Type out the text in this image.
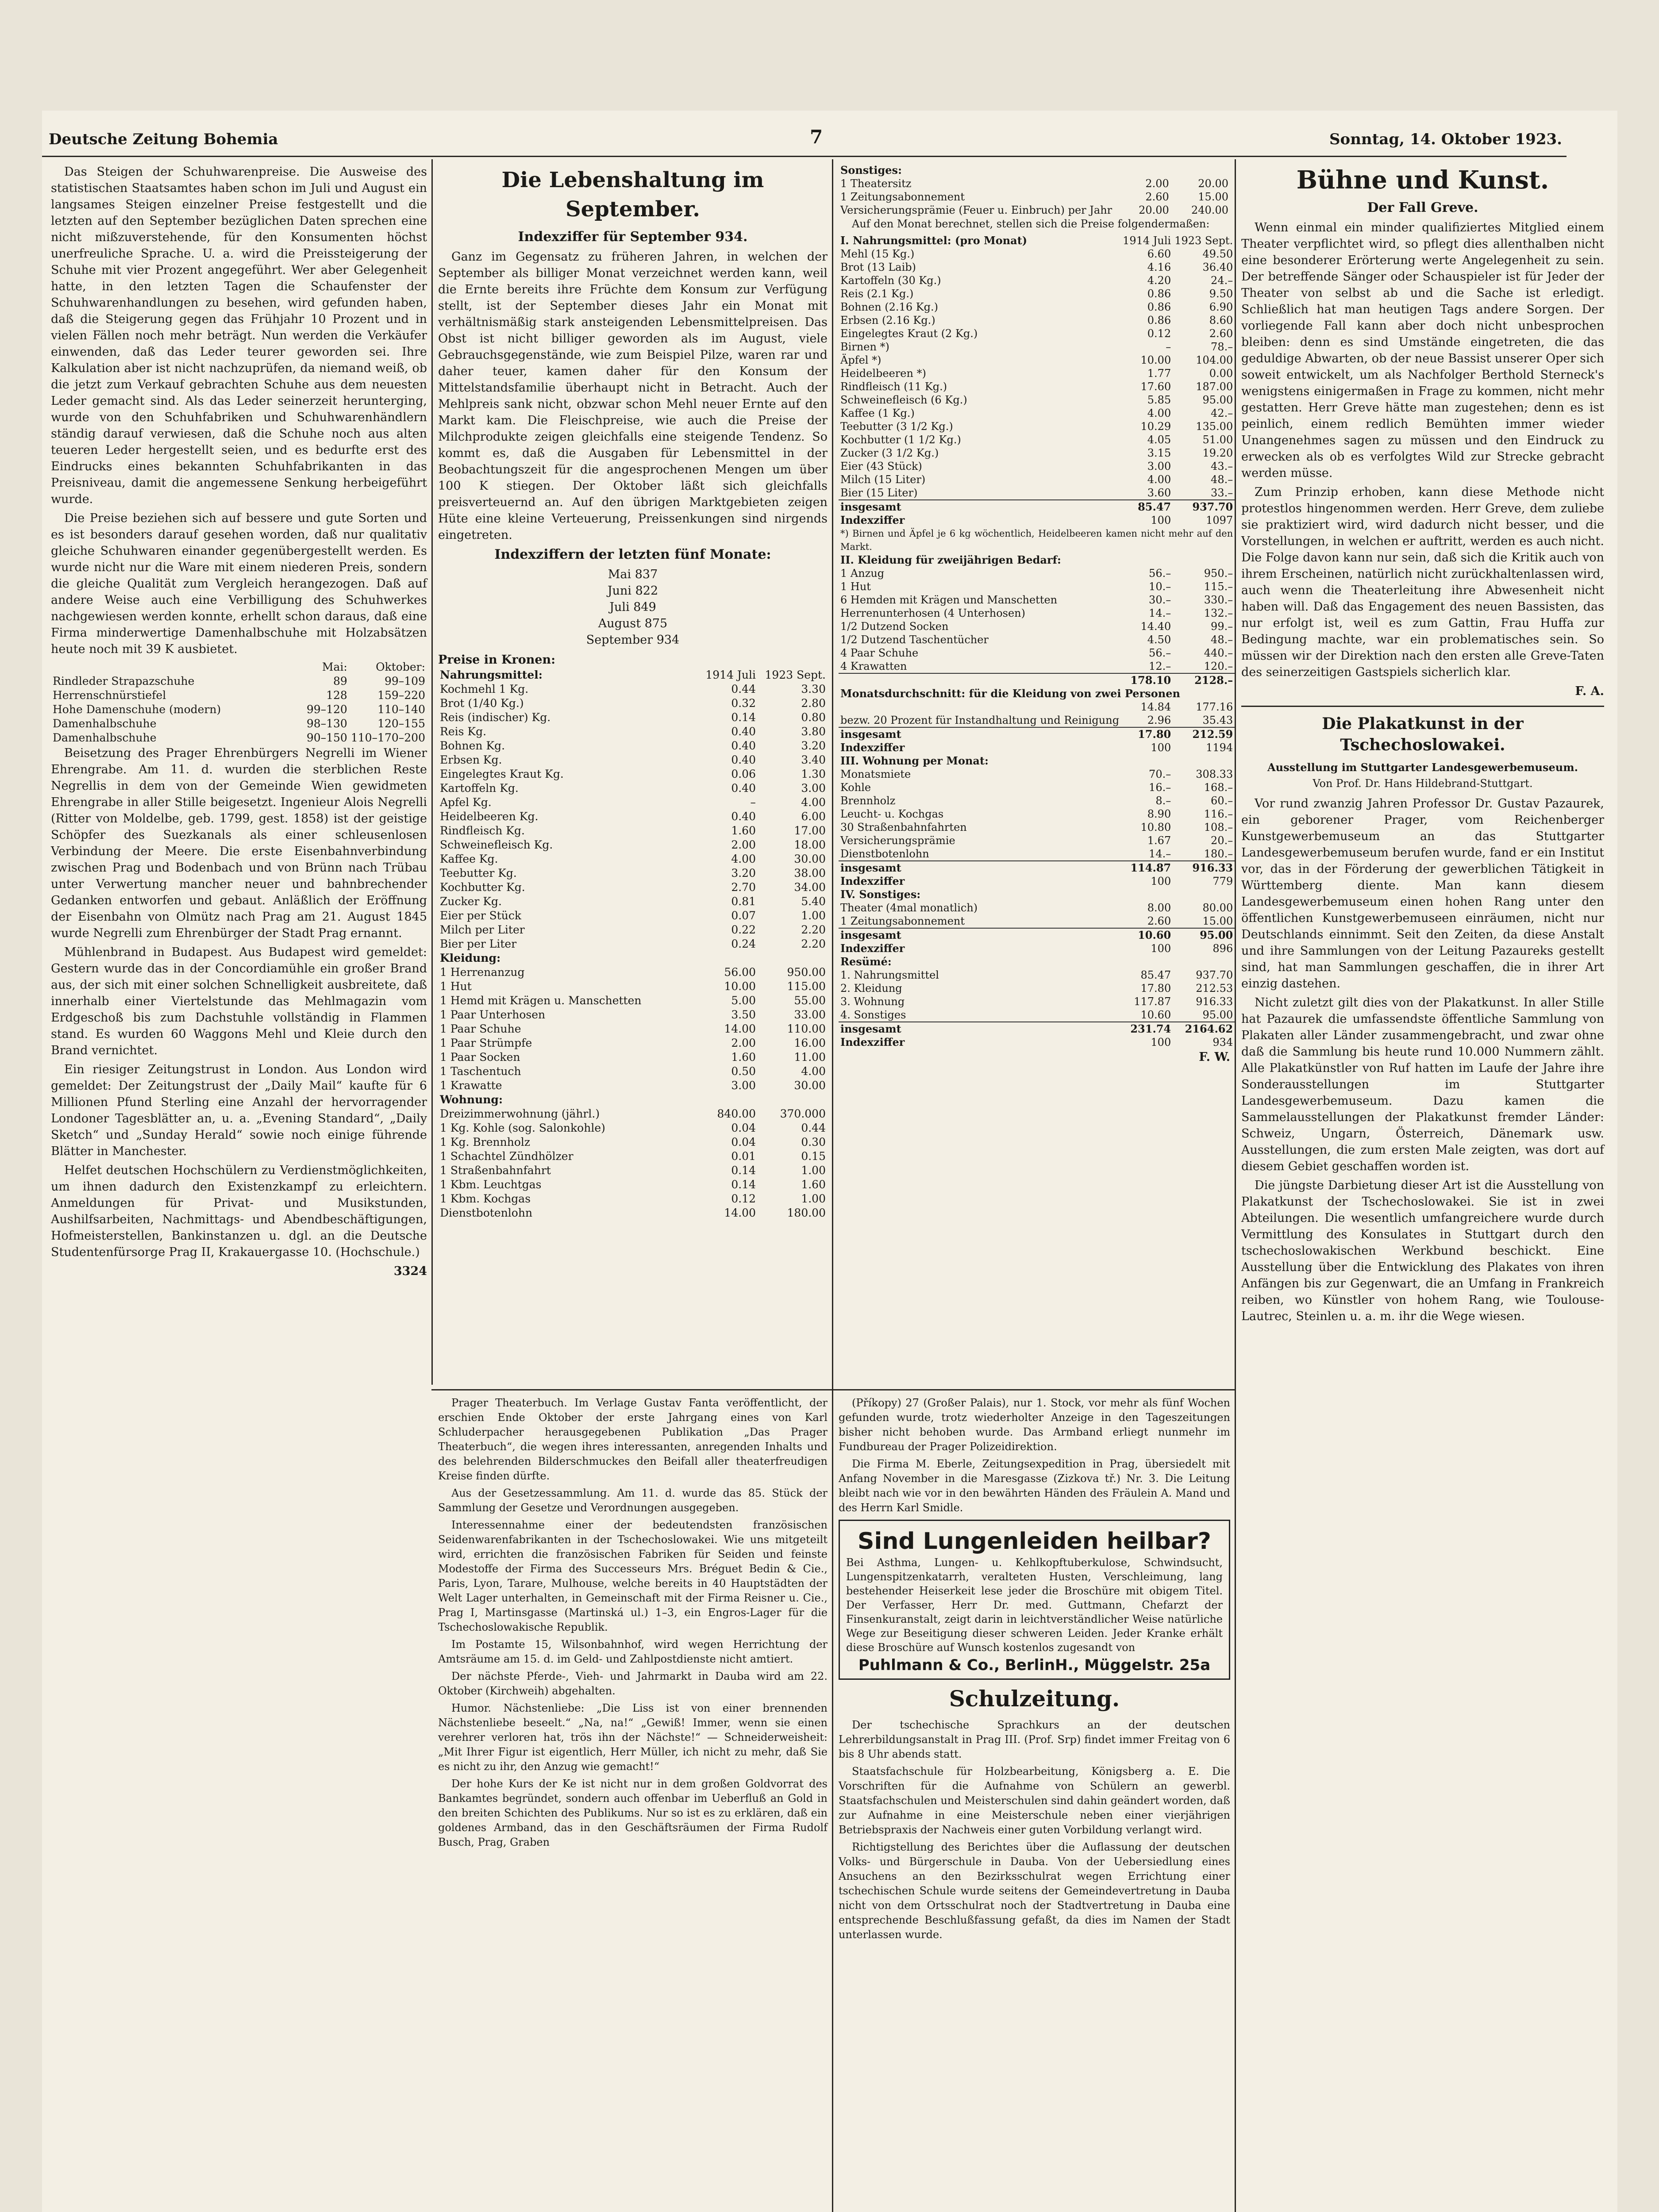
Deutsche Zeitung Bohemia	7	Sonntag, 14. Oktober 1923.

Das Steigen der Schuhwarenpreise. Die Ausweise des statistischen Staatsamtes haben schon im Juli und August ein langsames Steigen einzelner Preise festgestellt und die letzten auf den September bezüglichen Daten sprechen eine nicht mißzuverstehende, für den Konsumenten höchst unerfreuliche Sprache. U. a. wird die Preissteigerung der Schuhe mit vier Prozent angegeführt. Wer aber Gelegenheit hatte, in den letzten Tagen die Schaufenster der Schuhwarenhandlungen zu besehen, wird gefunden haben, daß die Steigerung gegen das Frühjahr 10 Prozent und in vielen Fällen noch mehr beträgt. Nun werden die Verkäufer einwenden, daß das Leder teurer geworden sei. Ihre Kalkulation aber ist nicht nachzuprüfen, da niemand weiß, ob die jetzt zum Verkauf gebrachten Schuhe aus dem neuesten Leder gemacht sind. Als das Leder seinerzeit herunterging, wurde von den Schuhfabriken und Schuhwarenhändlern ständig darauf verwiesen, daß die Schuhe noch aus alten teueren Leder hergestellt seien, und es bedurfte erst des Eindrucks eines bekannten Schuhfabrikanten in das Preisniveau, damit die angemessene Senkung herbeigeführt wurde.

Die Preise beziehen sich auf bessere und gute Sorten und es ist besonders darauf gesehen worden, daß nur qualitativ gleiche Schuhwaren einander gegenübergestellt werden. Es wurde nicht nur die Ware mit einem niederen Preis, sondern die gleiche Qualität zum Vergleich herangezogen. Daß auf andere Weise auch eine Verbilligung des Schuhwerkes nachgewiesen werden konnte, erhellt schon daraus, daß eine Firma minderwertige Damenhalbschuhe mit Holzabsätzen heute noch mit 39 K ausbietet.

	Mai:	Oktober:
Rindleder Strapazschuhe	89	99–109
Herrenschnürstiefel	128	159–220
Hohe Damenschuhe (modern)	99–120	110–140
Damenhalbschuhe	98–130	120–155
Damenhalbschuhe	90–150	110–170–200

Beisetzung des Prager Ehrenbürgers Negrelli im Wiener Ehrengrabe. Am 11. d. wurden die sterblichen Reste Negrellis in dem von der Gemeinde Wien gewidmeten Ehrengrabe in aller Stille beigesetzt. Ingenieur Alois Negrelli (Ritter von Moldelbe, geb. 1799, gest. 1858) ist der geistige Schöpfer des Suezkanals als einer schleusenlosen Verbindung der Meere. Die erste Eisenbahnverbindung zwischen Prag und Bodenbach und von Brünn nach Trübau unter Verwertung mancher neuer und bahnbrechender Gedanken entworfen und gebaut. Anläßlich der Eröffnung der Eisenbahn von Olmütz nach Prag am 21. August 1845 wurde Negrelli zum Ehrenbürger der Stadt Prag ernannt.

Mühlenbrand in Budapest. Aus Budapest wird gemeldet: Gestern wurde das in der Concordiamühle ein großer Brand aus, der sich mit einer solchen Schnelligkeit ausbreitete, daß innerhalb einer Viertelstunde das Mehlmagazin vom Erdgeschoß bis zum Dachstuhle vollständig in Flammen stand. Es wurden 60 Waggons Mehl und Kleie durch den Brand vernichtet.

Ein riesiger Zeitungstrust in London. Aus London wird gemeldet: Der Zeitungstrust der „Daily Mail“ kaufte für 6 Millionen Pfund Sterling eine Anzahl der hervorragender Londoner Tagesblätter an, u. a. „Evening Standard“, „Daily Sketch“ und „Sunday Herald“ sowie noch einige führende Blätter in Manchester.

Helfet deutschen Hochschülern zu Verdienstmöglichkeiten, um ihnen dadurch den Existenzkampf zu erleichtern. Anmeldungen für Privat- und Musikstunden, Aushilfsarbeiten, Nachmittags- und Abendbeschäftigungen, Hofmeisterstellen, Bankinstanzen u. dgl. an die Deutsche Studentenfürsorge Prag II, Krakauergasse 10. (Hochschule.)

3324
Die Lebenshaltung im September.
Indexziffer für September 934.

Ganz im Gegensatz zu früheren Jahren, in welchen der September als billiger Monat verzeichnet werden kann, weil die Ernte bereits ihre Früchte dem Konsum zur Verfügung stellt, ist der September dieses Jahr ein Monat mit verhältnismäßig stark ansteigenden Lebensmittelpreisen. Das Obst ist nicht billiger geworden als im August, viele Gebrauchsgegenstände, wie zum Beispiel Pilze, waren rar und daher teuer, kamen daher für den Konsum der Mittelstandsfamilie überhaupt nicht in Betracht. Auch der Mehlpreis sank nicht, obzwar schon Mehl neuer Ernte auf den Markt kam. Die Fleischpreise, wie auch die Preise der Milchprodukte zeigen gleichfalls eine steigende Tendenz. So kommt es, daß die Ausgaben für Lebensmittel in der Beobachtungszeit für die angesprochenen Mengen um über 100 K stiegen. Der Oktober läßt sich gleichfalls preisverteuernd an. Auf den übrigen Marktgebieten zeigen Hüte eine kleine Verteuerung, Preissenkungen sind nirgends eingetreten.

Indexziffern der letzten fünf Monate:
Mai 837
Juni 822
Juli 849
August 875
September 934
Preise in Kronen:
Nahrungsmittel:	1914 Juli	1923 Sept.
Kochmehl 1 Kg.	0.44	3.30
Brot (1/40 Kg.)	0.32	2.80
Reis (indischer) Kg.	0.14	0.80
Reis Kg.	0.40	3.80
Bohnen Kg.	0.40	3.20
Erbsen Kg.	0.40	3.40
Eingelegtes Kraut Kg.	0.06	1.30
Kartoffeln Kg.	0.40	3.00
Apfel Kg.	–	4.00
Heidelbeeren Kg.	0.40	6.00
Rindfleisch Kg.	1.60	17.00
Schweinefleisch Kg.	2.00	18.00
Kaffee Kg.	4.00	30.00
Teebutter Kg.	3.20	38.00
Kochbutter Kg.	2.70	34.00
Zucker Kg.	0.81	5.40
Eier per Stück	0.07	1.00
Milch per Liter	0.22	2.20
Bier per Liter	0.24	2.20
Kleidung:		
1 Herrenanzug	56.00	950.00
1 Hut	10.00	115.00
1 Hemd mit Krägen u. Manschetten	5.00	55.00
1 Paar Unterhosen	3.50	33.00
1 Paar Schuhe	14.00	110.00
1 Paar Strümpfe	2.00	16.00
1 Paar Socken	1.60	11.00
1 Taschentuch	0.50	4.00
1 Krawatte	3.00	30.00
Wohnung:		
Dreizimmerwohnung (jährl.)	840.00	370.000
1 Kg. Kohle (sog. Salonkohle)	0.04	0.44
1 Kg. Brennholz	0.04	0.30
1 Schachtel Zündhölzer	0.01	0.15
1 Straßenbahnfahrt	0.14	1.00
1 Kbm. Leuchtgas	0.14	1.60
1 Kbm. Kochgas	0.12	1.00
Dienstbotenlohn	14.00	180.00
Sonstiges:		
1 Theatersitz	2.00	20.00
1 Zeitungsabonnement	2.60	15.00
Versicherungsprämie (Feuer u. Einbruch) per Jahr	20.00	240.00

Auf den Monat berechnet, stellen sich die Preise folgendermaßen:

I. Nahrungsmittel: (pro Monat)	1914 Juli	1923 Sept.
Mehl (15 Kg.)	6.60	49.50
Brot (13 Laib)	4.16	36.40
Kartoffeln (30 Kg.)	4.20	24.–
Reis (2.1 Kg.)	0.86	9.50
Bohnen (2.16 Kg.)	0.86	6.90
Erbsen (2.16 Kg.)	0.86	8.60
Eingelegtes Kraut (2 Kg.)	0.12	2.60
Birnen *)	–	78.–
Äpfel *)	10.00	104.00
Heidelbeeren *)	1.77	0.00
Rindfleisch (11 Kg.)	17.60	187.00
Schweinefleisch (6 Kg.)	5.85	95.00
Kaffee (1 Kg.)	4.00	42.–
Teebutter (3 1/2 Kg.)	10.29	135.00
Kochbutter (1 1/2 Kg.)	4.05	51.00
Zucker (3 1/2 Kg.)	3.15	19.20
Eier (43 Stück)	3.00	43.–
Milch (15 Liter)	4.00	48.–
Bier (15 Liter)	3.60	33.–
insgesamt	85.47	937.70
Indexziffer	100	1097
*) Birnen und Äpfel je 6 kg wöchentlich, Heidelbeeren kamen nicht mehr auf den Markt.		
II. Kleidung für zweijährigen Bedarf:		
1 Anzug	56.–	950.–
1 Hut	10.–	115.–
6 Hemden mit Krägen und Manschetten	30.–	330.–
Herrenunterhosen (4 Unterhosen)	14.–	132.–
1/2 Dutzend Socken	14.40	99.–
1/2 Dutzend Taschentücher	4.50	48.–
4 Paar Schuhe	56.–	440.–
4 Krawatten	12.–	120.–
	178.10	2128.–
Monatsdurchschnitt: für die Kleidung von zwei Personen		
	14.84	177.16
bezw. 20 Prozent für Instandhaltung und Reinigung	2.96	35.43
insgesamt	17.80	212.59
Indexziffer	100	1194
III. Wohnung per Monat:		
Monatsmiete	70.–	308.33
Kohle	16.–	168.–
Brennholz	8.–	60.–
Leucht- u. Kochgas	8.90	116.–
30 Straßenbahnfahrten	10.80	108.–
Versicherungsprämie	1.67	20.–
Dienstbotenlohn	14.–	180.–
insgesamt	114.87	916.33
Indexziffer	100	779
IV. Sonstiges:		
Theater (4mal monatlich)	8.00	80.00
1 Zeitungsabonnement	2.60	15.00
insgesamt	10.60	95.00
Indexziffer	100	896
Resümé:		
1. Nahrungsmittel	85.47	937.70
2. Kleidung	17.80	212.53
3. Wohnung	117.87	916.33
4. Sonstiges	10.60	95.00
insgesamt	231.74	2164.62
Indexziffer	100	934
F. W.
Bühne und Kunst.
Der Fall Greve.

Wenn einmal ein minder qualifiziertes Mitglied einem Theater verpflichtet wird, so pflegt dies allenthalben nicht eine besonderer Erörterung werte Angelegenheit zu sein. Der betreffende Sänger oder Schauspieler ist für Jeder der Theater von selbst ab und die Sache ist erledigt. Schließlich hat man heutigen Tags andere Sorgen. Der vorliegende Fall kann aber doch nicht unbesprochen bleiben: denn es sind Umstände eingetreten, die das geduldige Abwarten, ob der neue Bassist unserer Oper sich soweit entwickelt, um als Nachfolger Berthold Sterneck's wenigstens einigermaßen in Frage zu kommen, nicht mehr gestatten. Herr Greve hätte man zugestehen; denn es ist peinlich, einem redlich Bemühten immer wieder Unangenehmes sagen zu müssen und den Eindruck zu erwecken als ob es verfolgtes Wild zur Strecke gebracht werden müsse.

Zum Prinzip erhoben, kann diese Methode nicht protestlos hingenommen werden. Herr Greve, dem zuliebe sie praktiziert wird, wird dadurch nicht besser, und die Vorstellungen, in welchen er auftritt, werden es auch nicht. Die Folge davon kann nur sein, daß sich die Kritik auch von ihrem Erscheinen, natürlich nicht zurückhaltenlassen wird, auch wenn die Theaterleitung ihre Abwesenheit nicht haben will. Daß das Engagement des neuen Bassisten, das nur erfolgt ist, weil es zum Gattin, Frau Huffa zur Bedingung machte, war ein problematisches sein. So müssen wir der Direktion nach den ersten alle Greve-Taten des seinerzeitigen Gastspiels sicherlich klar.

F. A.
Die Plakatkunst in der Tschechoslowakei.
Ausstellung im Stuttgarter Landesgewerbemuseum.
Von Prof. Dr. Hans Hildebrand-Stuttgart.

Vor rund zwanzig Jahren Professor Dr. Gustav Pazaurek, ein geborener Prager, vom Reichenberger Kunstgewerbemuseum an das Stuttgarter Landesgewerbemuseum berufen wurde, fand er ein Institut vor, das in der Förderung der gewerblichen Tätigkeit in Württemberg diente. Man kann diesem Landesgewerbemuseum einen hohen Rang unter den öffentlichen Kunstgewerbemuseen einräumen, nicht nur Deutschlands einnimmt. Seit den Zeiten, da diese Anstalt und ihre Sammlungen von der Leitung Pazaureks gestellt sind, hat man Sammlungen geschaffen, die in ihrer Art einzig dastehen.

Nicht zuletzt gilt dies von der Plakatkunst. In aller Stille hat Pazaurek die umfassendste öffentliche Sammlung von Plakaten aller Länder zusammengebracht, und zwar ohne daß die Sammlung bis heute rund 10.000 Nummern zählt. Alle Plakatkünstler von Ruf hatten im Laufe der Jahre ihre Sonderausstellungen im Stuttgarter Landesgewerbemuseum. Dazu kamen die Sammelausstellungen der Plakatkunst fremder Länder: Schweiz, Ungarn, Österreich, Dänemark usw. Ausstellungen, die zum ersten Male zeigten, was dort auf diesem Gebiet geschaffen worden ist.

Die jüngste Darbietung dieser Art ist die Ausstellung von Plakatkunst der Tschechoslowakei. Sie ist in zwei Abteilungen. Die wesentlich umfangreichere wurde durch Vermittlung des Konsulates in Stuttgart durch den tschechoslowakischen Werkbund beschickt. Eine Ausstellung über die Entwicklung des Plakates von ihren Anfängen bis zur Gegenwart, die an Umfang in Frankreich reiben, wo Künstler von hohem Rang, wie Toulouse-Lautrec, Steinlen u. a. m. ihr die Wege wiesen.

Prager Theaterbuch. Im Verlage Gustav Fanta veröffentlicht, der erschien Ende Oktober der erste Jahrgang eines von Karl Schluderpacher herausgegebenen Publikation „Das Prager Theaterbuch“, die wegen ihres interessanten, anregenden Inhalts und des belehrenden Bilderschmuckes den Beifall aller theaterfreudigen Kreise finden dürfte.

Aus der Gesetzessammlung. Am 11. d. wurde das 85. Stück der Sammlung der Gesetze und Verordnungen ausgegeben.

Interessennahme einer der bedeutendsten französischen Seidenwarenfabrikanten in der Tschechoslowakei. Wie uns mitgeteilt wird, errichten die französischen Fabriken für Seiden und feinste Modestoffe der Firma des Successeurs Mrs. Bréguet Bedin & Cie., Paris, Lyon, Tarare, Mulhouse, welche bereits in 40 Hauptstädten der Welt Lager unterhalten, in Gemeinschaft mit der Firma Reisner u. Cie., Prag I, Martinsgasse (Martinská ul.) 1–3, ein Engros-Lager für die Tschechoslowakische Republik.

Im Postamte 15, Wilsonbahnhof, wird wegen Herrichtung der Amtsräume am 15. d. im Geld- und Zahlpostdienste nicht amtiert.

Der nächste Pferde-, Vieh- und Jahrmarkt in Dauba wird am 22. Oktober (Kirchweih) abgehalten.

Humor. Nächstenliebe: „Die Liss ist von einer brennenden Nächstenliebe beseelt.“ „Na, na!“ „Gewiß! Immer, wenn sie einen verehrer verloren hat, trös ihn der Nächste!“ — Schneiderweisheit: „Mit Ihrer Figur ist eigentlich, Herr Müller, ich nicht zu mehr, daß Sie es nicht zu ihr, den Anzug wie gemacht!“

Der hohe Kurs der Ke ist nicht nur in dem großen Goldvorrat des Bankamtes begründet, sondern auch offenbar im Ueberfluß an Gold in den breiten Schichten des Publikums. Nur so ist es zu erklären, daß ein goldenes Armband, das in den Geschäftsräumen der Firma Rudolf Busch, Prag, Graben

(Příkopy) 27 (Großer Palais), nur 1. Stock, vor mehr als fünf Wochen gefunden wurde, trotz wiederholter Anzeige in den Tageszeitungen bisher nicht behoben wurde. Das Armband erliegt nunmehr im Fundbureau der Prager Polizeidirektion.

Die Firma M. Eberle, Zeitungsexpedition in Prag, übersiedelt mit Anfang November in die Maresgasse (Zizkova tř.) Nr. 3. Die Leitung bleibt nach wie vor in den bewährten Händen des Fräulein A. Mand und des Herrn Karl Smidle.

Sind Lungenleiden heilbar?
Bei Asthma, Lungen- u. Kehlkopftuberkulose, Schwindsucht, Lungenspitzenkatarrh, veralteten Husten, Verschleimung, lang bestehender Heiserkeit lese jeder die Broschüre mit obigem Titel. Der Verfasser, Herr Dr. med. Guttmann, Chefarzt der Finsenkuranstalt, zeigt darin in leichtverständlicher Weise natürliche Wege zur Beseitigung dieser schweren Leiden. Jeder Kranke erhält diese Broschüre auf Wunsch kostenlos zugesandt von
Puhlmann & Co., BerlinH., Müggelstr. 25a
Schulzeitung.

Der tschechische Sprachkurs an der deutschen Lehrerbildungsanstalt in Prag III. (Prof. Srp) findet immer Freitag von 6 bis 8 Uhr abends statt.

Staatsfachschule für Holzbearbeitung, Königsberg a. E. Die Vorschriften für die Aufnahme von Schülern an gewerbl. Staatsfachschulen und Meisterschulen sind dahin geändert worden, daß zur Aufnahme in eine Meisterschule neben einer vierjährigen Betriebspraxis der Nachweis einer guten Vorbildung verlangt wird.

Richtigstellung des Berichtes über die Auflassung der deutschen Volks- und Bürgerschule in Dauba. Von der Uebersiedlung eines Ansuchens an den Bezirksschulrat wegen Errichtung einer tschechischen Schule wurde seitens der Gemeindevertretung in Dauba nicht von dem Ortsschulrat noch der Stadtvertretung in Dauba eine entsprechende Beschlußfassung gefaßt, da dies im Namen der Stadt unterlassen wurde.
